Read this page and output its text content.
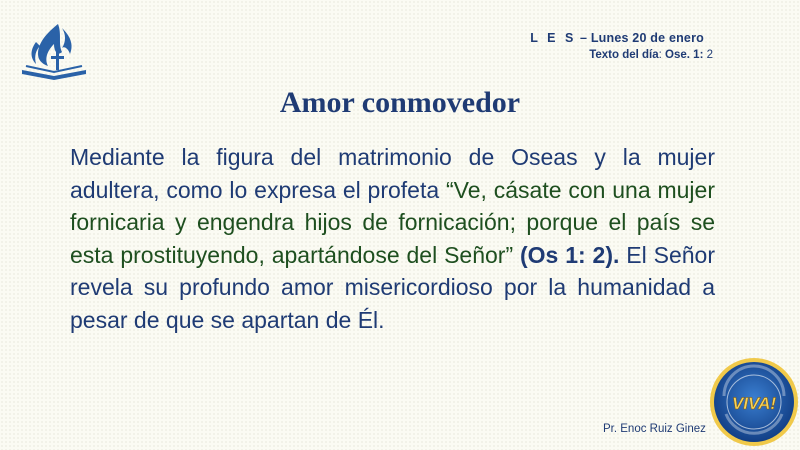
L E S – Lunes 20 de enero
Texto del día: Ose. 1: 2
Amor conmovedor

Mediante la figura del matrimonio de Oseas y la mujer adultera, como lo expresa el profeta “Ve, cásate con una mujer fornicaria y engendra hijos de fornicación; porque el país se esta prostituyendo, apartándose del Señor” (Os 1: 2). El Señor revela su profundo amor misericordioso por la humanidad a pesar de que se apartan de Él.

Pr. Enoc Ruiz Ginez
VIVA!
